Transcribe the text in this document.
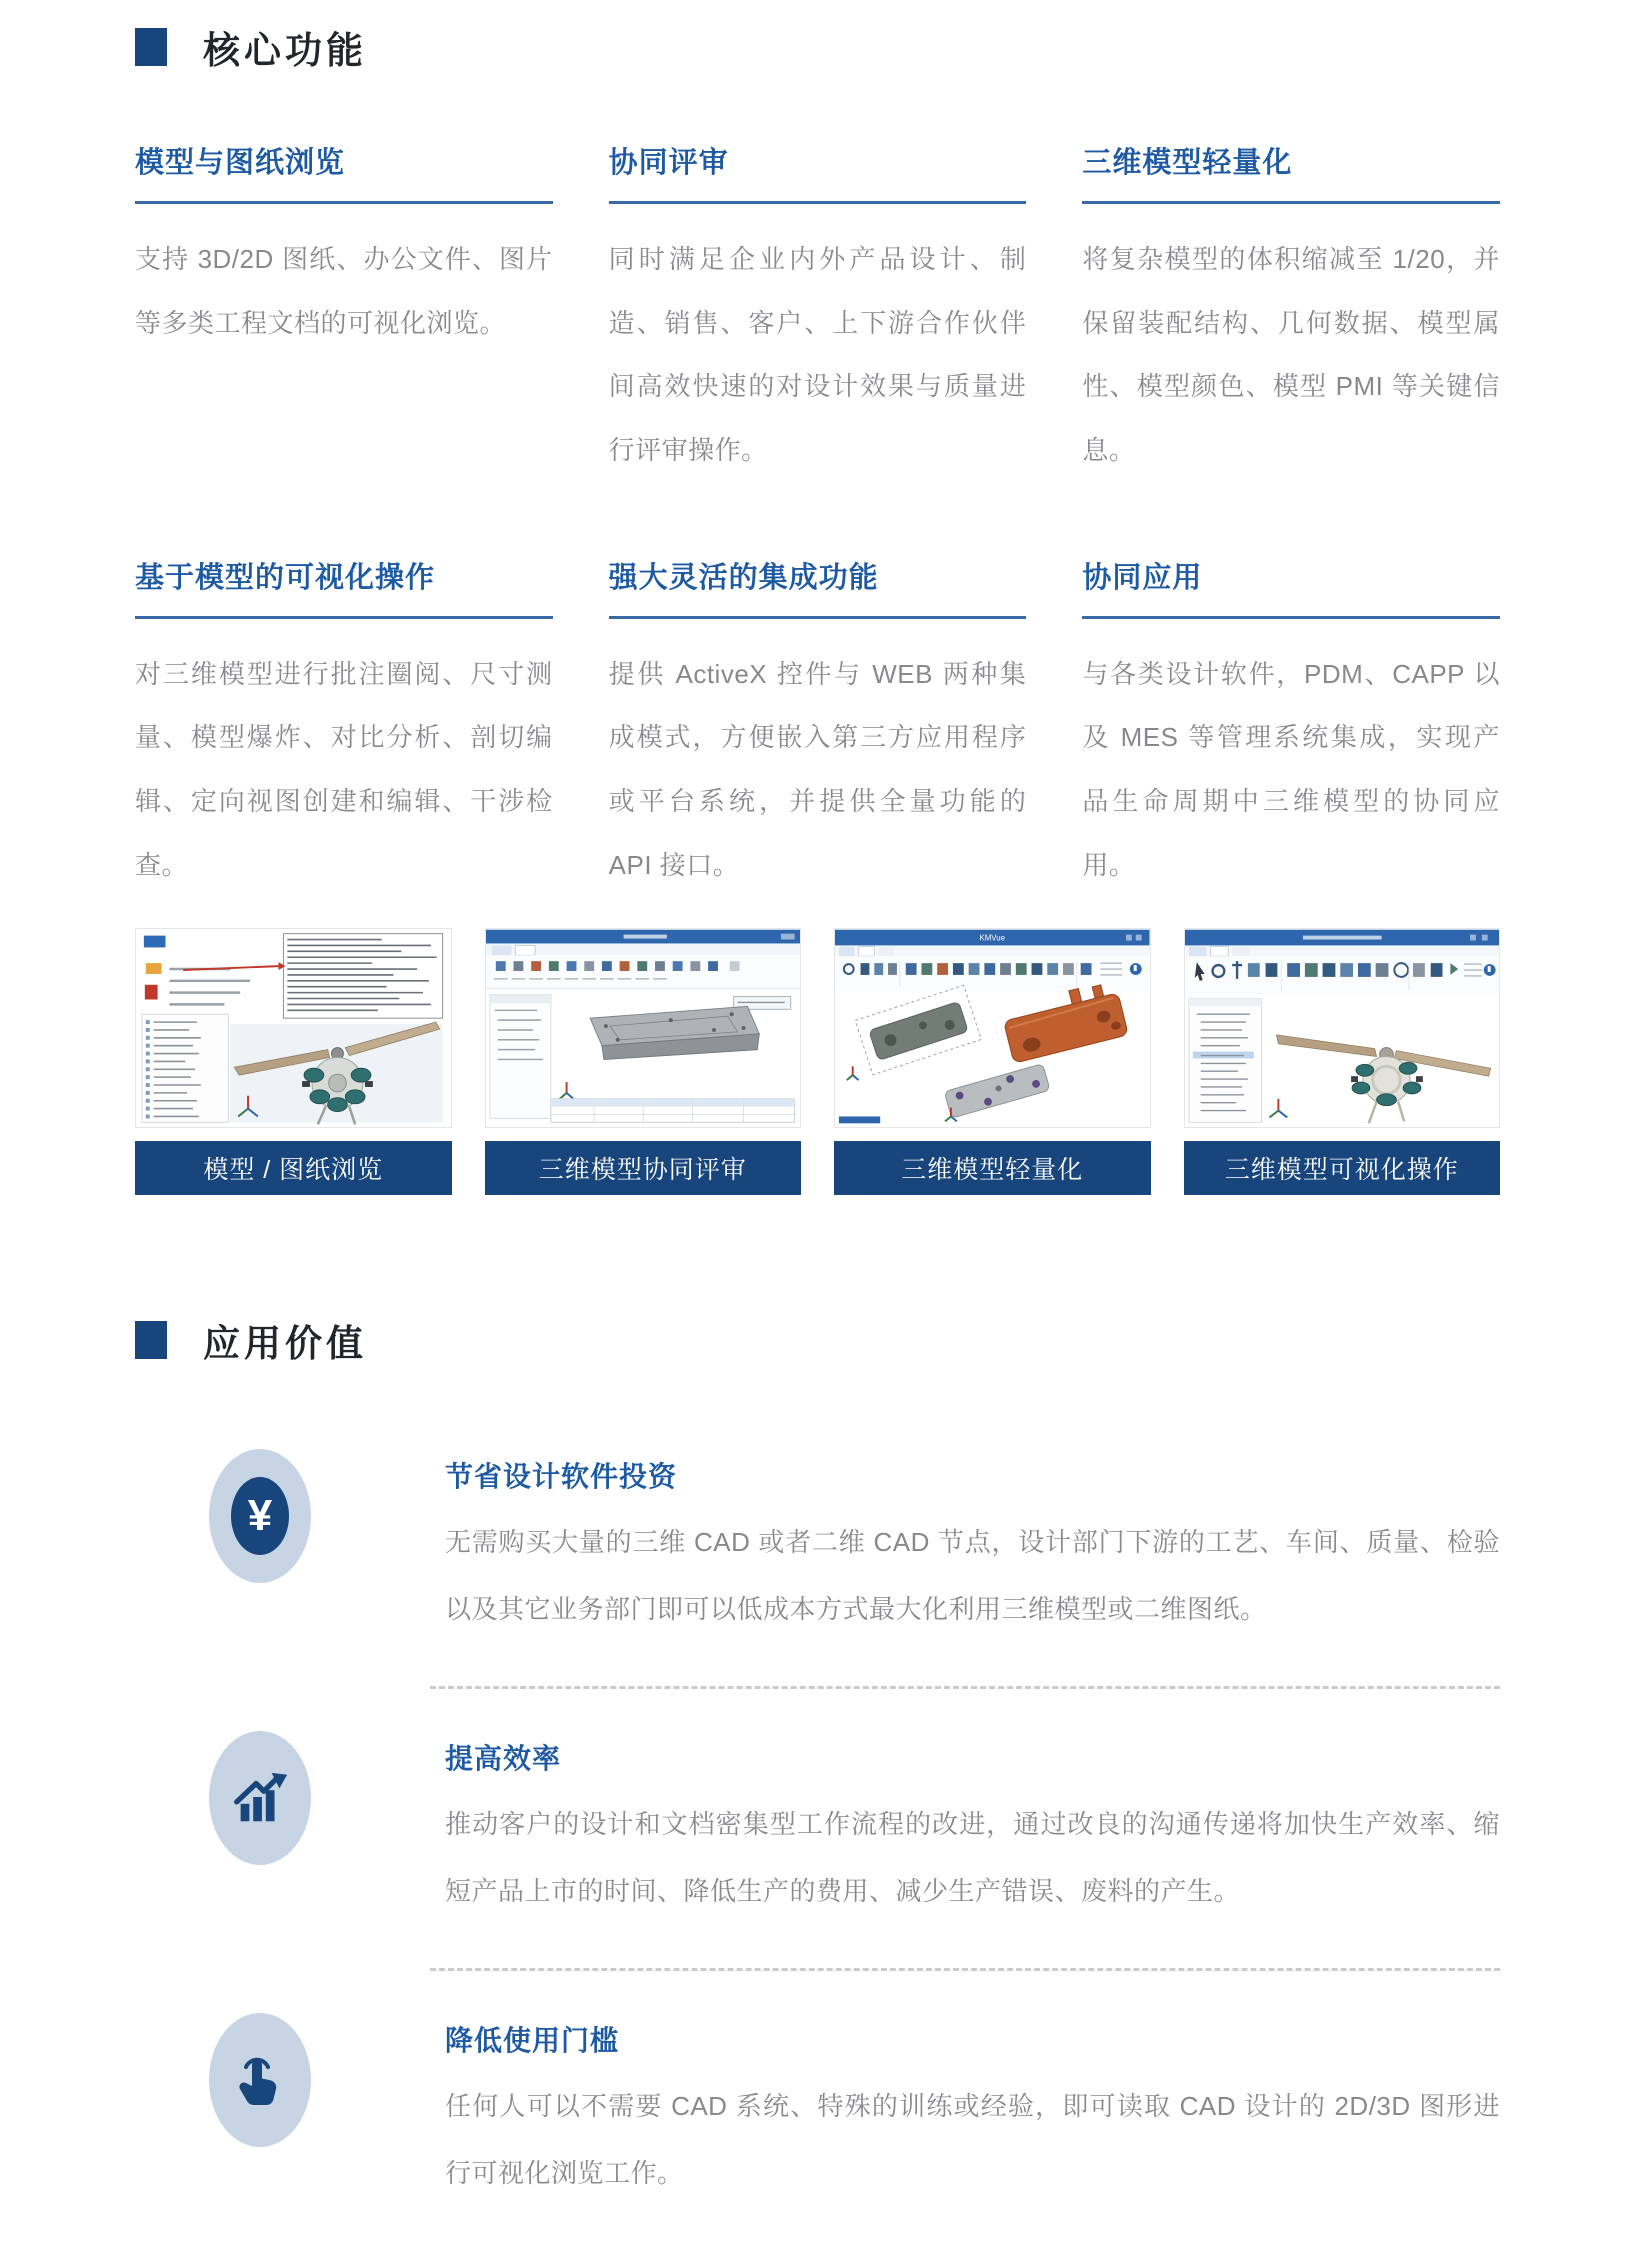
核心功能
模型与图纸浏览
支持 3D/2D 图纸、办公文件、图片等多类工程文档的可视化浏览。
协同评审
同时满足企业内外产品设计、制造、销售、客户、上下游合作伙伴间高效快速的对设计效果与质量进行评审操作。
三维模型轻量化
将复杂模型的体积缩减至 1/20，并保留装配结构、几何数据、模型属性、模型颜色、模型 PMI 等关键信息。
基于模型的可视化操作
对三维模型进行批注圈阅、尺寸测量、模型爆炸、对比分析、剖切编辑、定向视图创建和编辑、干涉检查。
强大灵活的集成功能
提供 ActiveX 控件与 WEB 两种集成模式，方便嵌入第三方应用程序或平台系统，并提供全量功能的 API 接口。
协同应用
与各类设计软件，PDM、CAPP 以及 MES 等管理系统集成，实现产品生命周期中三维模型的协同应用。
模型 / 图纸浏览	三维模型协同评审
KMVue
三维模型轻量化	三维模型可视化操作
应用价值
¥
节省设计软件投资
无需购买大量的三维 CAD 或者二维 CAD 节点，设计部门下游的工艺、车间、质量、检验以及其它业务部门即可以低成本方式最大化利用三维模型或二维图纸。
提高效率
推动客户的设计和文档密集型工作流程的改进，通过改良的沟通传递将加快生产效率、缩短产品上市的时间、降低生产的费用、减少生产错误、废料的产生。
降低使用门槛
任何人可以不需要 CAD 系统、特殊的训练或经验，即可读取 CAD 设计的 2D/3D 图形进行可视化浏览工作。
